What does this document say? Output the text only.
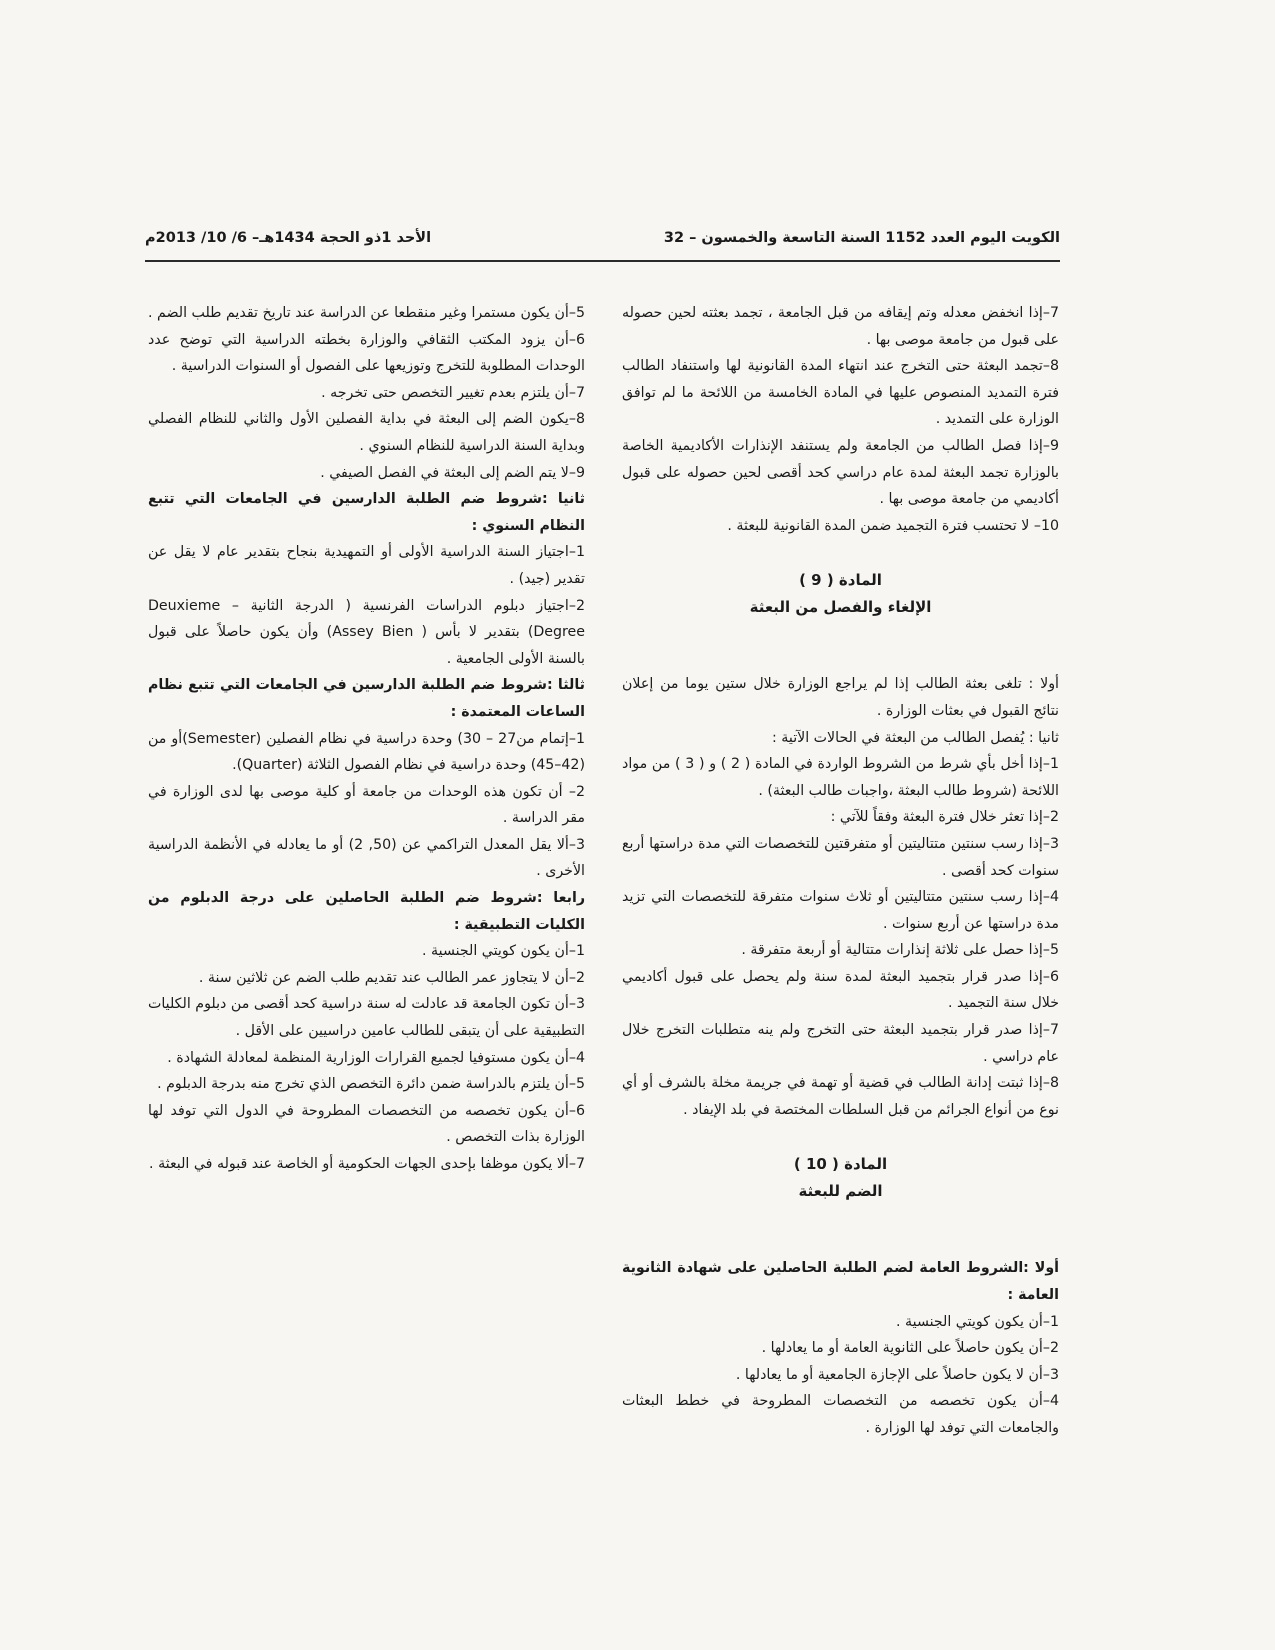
الكويت اليوم العدد 1152 السنة التاسعة والخمسون – 32
الأحد 1ذو الحجة 1434هـ– 6/ 10/ 2013م

7–إذا انخفض معدله وتم إيقافه من قبل الجامعة ، تجمد بعثته لحين حصوله على قبول من جامعة موصى بها .

8–تجمد البعثة حتى التخرج عند انتهاء المدة القانونية لها واستنفاد الطالب فترة التمديد المنصوص عليها في المادة الخامسة من اللائحة ما لم توافق الوزارة على التمديد .

9–إذا فصل الطالب من الجامعة ولم يستنفد الإنذارات الأكاديمية الخاصة بالوزارة تجمد البعثة لمدة عام دراسي كحد أقصى لحين حصوله على قبول أكاديمي من جامعة موصى بها .

10– لا تحتسب فترة التجميد ضمن المدة القانونية للبعثة .

المادة ( 9 )

الإلغاء والفصل من البعثة

أولا : تلغى بعثة الطالب إذا لم يراجع الوزارة خلال ستين يوما من إعلان نتائج القبول في بعثات الوزارة .

ثانيا : يُفصل الطالب من البعثة في الحالات الآتية :

1–إذا أخل بأي شرط من الشروط الواردة في المادة ( 2 ) و ( 3 ) من مواد اللائحة (شروط طالب البعثة ،واجبات طالب البعثة) .

2–إذا تعثر خلال فترة البعثة وفقاً للآتي :

3–إذا رسب سنتين متتاليتين أو متفرقتين للتخصصات التي مدة دراستها أربع سنوات كحد أقصى .

4–إذا رسب سنتين متتاليتين أو ثلاث سنوات متفرقة للتخصصات التي تزيد مدة دراستها عن أربع سنوات .

5–إذا حصل على ثلاثة إنذارات متتالية أو أربعة متفرقة .

6–إذا صدر قرار بتجميد البعثة لمدة سنة ولم يحصل على قبول أكاديمي خلال سنة التجميد .

7–إذا صدر قرار بتجميد البعثة حتى التخرج ولم ينه متطلبات التخرج خلال عام دراسي .

8–إذا ثبتت إدانة الطالب في قضية أو تهمة في جريمة مخلة بالشرف أو أي نوع من أنواع الجرائم من قبل السلطات المختصة في بلد الإيفاد .

المادة ( 10 )

الضم للبعثة

أولا :الشروط العامة لضم الطلبة الحاصلين على شهادة الثانوية العامة :

1–أن يكون كويتي الجنسية .

2–أن يكون حاصلاً على الثانوية العامة أو ما يعادلها .

3–أن لا يكون حاصلاً على الإجازة الجامعية أو ما يعادلها .

4–أن يكون تخصصه من التخصصات المطروحة في خطط البعثات والجامعات التي توفد لها الوزارة .

5–أن يكون مستمرا وغير منقطعا عن الدراسة عند تاريخ تقديم طلب الضم .

6–أن يزود المكتب الثقافي والوزارة بخطته الدراسية التي توضح عدد الوحدات المطلوبة للتخرج وتوزيعها على الفصول أو السنوات الدراسية .

7–أن يلتزم بعدم تغيير التخصص حتى تخرجه .

8–يكون الضم إلى البعثة في بداية الفصلين الأول والثاني للنظام الفصلي وبداية السنة الدراسية للنظام السنوي .

9–لا يتم الضم إلى البعثة في الفصل الصيفي .

ثانيا :شروط ضم الطلبة الدارسين في الجامعات التي تتبع النظام السنوي :

1–اجتياز السنة الدراسية الأولى أو التمهيدية بنجاح بتقدير عام لا يقل عن تقدير (جيد) .

2–اجتياز دبلوم الدراسات الفرنسية ( الدرجة الثانية – Deuxieme Degree) بتقدير لا بأس ( Assey Bien) وأن يكون حاصلاً على قبول بالسنة الأولى الجامعية .

ثالثا :شروط ضم الطلبة الدارسين في الجامعات التي تتبع نظام الساعات المعتمدة :

1–إتمام من27 – 30) وحدة دراسية في نظام الفصلين (Semester)أو من (42–45) وحدة دراسية في نظام الفصول الثلاثة (Quarter).

2– أن تكون هذه الوحدات من جامعة أو كلية موصى بها لدى الوزارة في مقر الدراسة .

3–ألا يقل المعدل التراكمي عن (50, 2) أو ما يعادله في الأنظمة الدراسية الأخرى .

رابعا :شروط ضم الطلبة الحاصلين على درجة الدبلوم من الكليات التطبيقية :

1–أن يكون كويتي الجنسية .

2–أن لا يتجاوز عمر الطالب عند تقديم طلب الضم عن ثلاثين سنة .

3–أن تكون الجامعة قد عادلت له سنة دراسية كحد أقصى من دبلوم الكليات التطبيقية على أن يتبقى للطالب عامين دراسيين على الأقل .

4–أن يكون مستوفيا لجميع القرارات الوزارية المنظمة لمعادلة الشهادة .

5–أن يلتزم بالدراسة ضمن دائرة التخصص الذي تخرج منه بدرجة الدبلوم .

6–أن يكون تخصصه من التخصصات المطروحة في الدول التي توفد لها الوزارة بذات التخصص .

7–ألا يكون موظفا بإحدى الجهات الحكومية أو الخاصة عند قبوله في البعثة .
